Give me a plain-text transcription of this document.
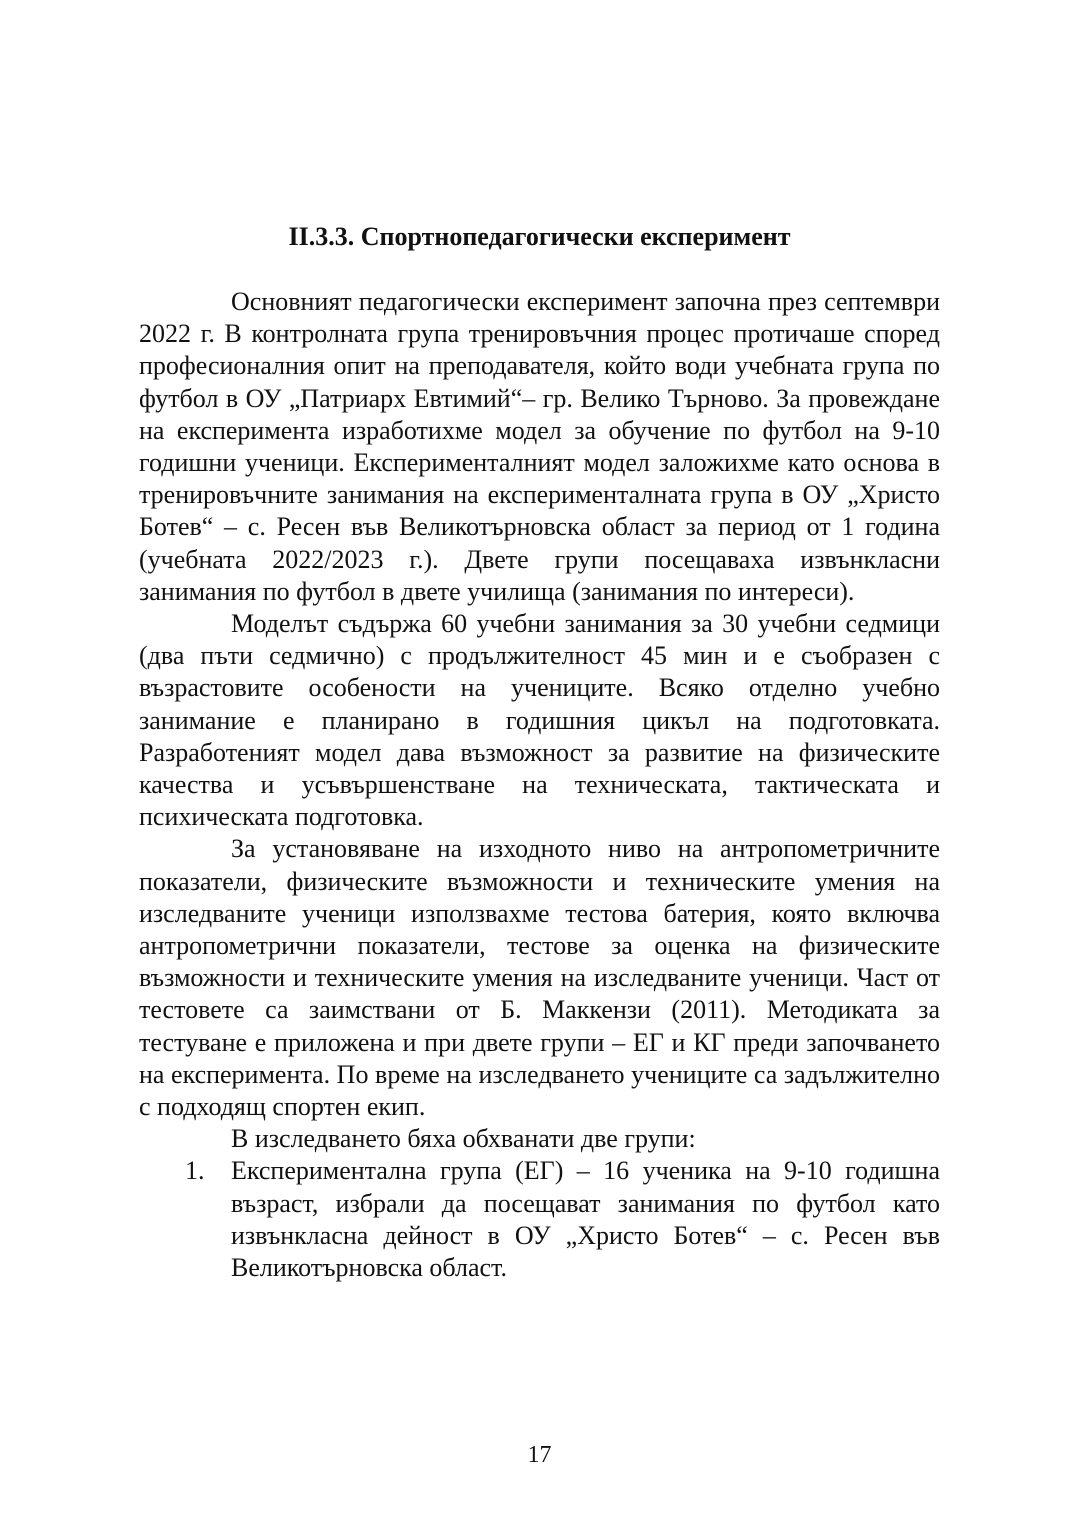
II.3.3. Спортнопедагогически експеримент

Основният педагогически експеримент започна през септември 2022 г. В контролната група тренировъчния процес протичаше според професионалния опит на преподавателя, който води учебната група по футбол в ОУ „Патриарх Евтимий“– гр. Велико Търново. За провеждане на експеримента изработихме модел за обучение по футбол на 9-10 годишни ученици. Експерименталният модел заложихме като основа в тренировъчните занимания на експерименталната група в ОУ „Христо Ботев“ – с. Ресен във Великотърновска област за период от 1 година (учебната 2022/2023 г.). Двете групи посещаваха извънкласни занимания по футбол в двете училища (занимания по интереси).

Моделът съдържа 60 учебни занимания за 30 учебни седмици (два пъти седмично) с продължителност 45 мин и е съобразен с възрастовите особености на учениците. Всяко отделно учебно занимание е планирано в годишния цикъл на подготовката. Разработеният модел дава възможност за развитие на физическите качества и усъвършенстване на техническата, тактическата и психическата подготовка.

За установяване на изходното ниво на антропометричните показатели, физическите възможности и техническите умения на изследваните ученици използвахме тестова батерия, която включва антропометрични показатели, тестове за оценка на физическите възможности и техническите умения на изследваните ученици. Част от тестовете са заимствани от Б. Маккензи (2011). Методиката за тестуване е приложена и при двете групи – ЕГ и КГ преди започването на експеримента. По време на изследването учениците са задължително с подходящ спортен екип.

В изследването бяха обхванати две групи:

1. Експериментална група (ЕГ) – 16 ученика на 9-10 годишна възраст, избрали да посещават занимания по футбол като извънкласна дейност в ОУ „Христо Ботев“ – с. Ресен във Великотърновска област.
17
